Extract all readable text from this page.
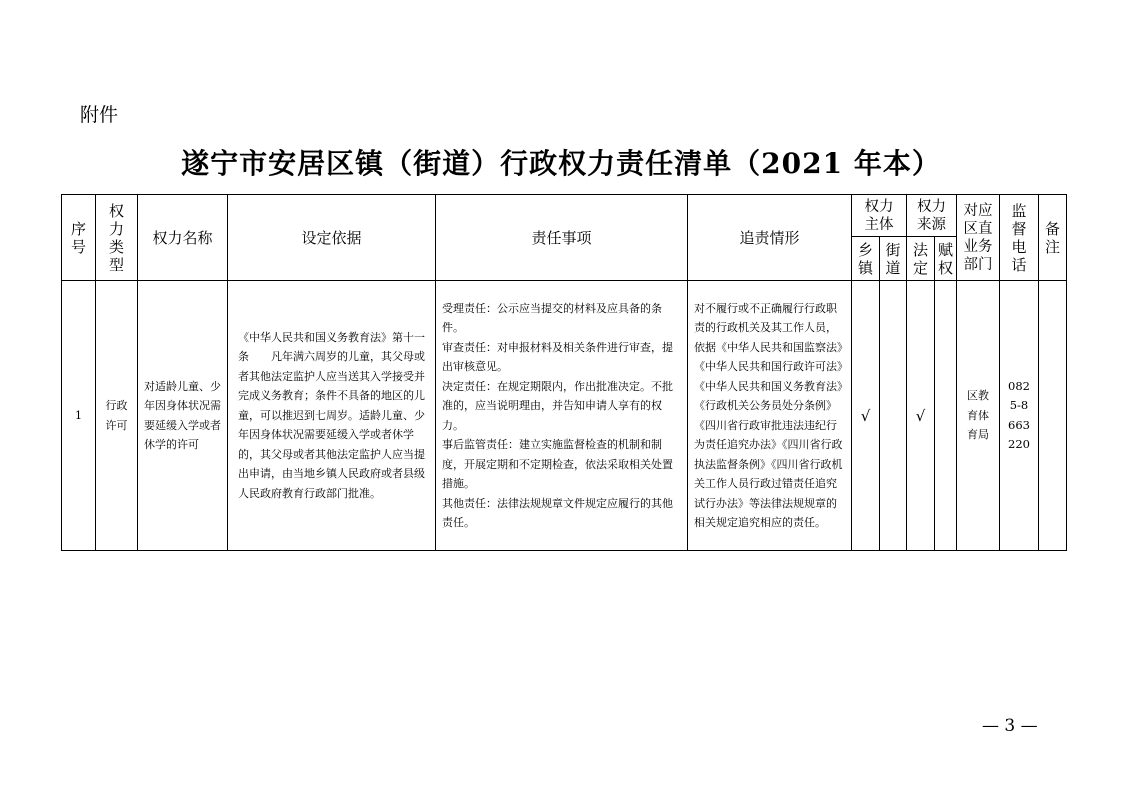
附件
遂宁市安居区镇（街道）行政权力责任清单（2021 年本）
序号	权力类型	权力名称	设定依据	责任事项	追责情形	权力主体		权力来源		对应区直业务部门	监督电话	备注

						乡镇	街道	法定	赋权			

1	行政许可	对适龄儿童、少年因身体状况需要延缓入学或者休学的许可	《中华人民共和国义务教育法》第十一条　　凡年满六周岁的儿童，其父母或者其他法定监护人应当送其入学接受并完成义务教育；条件不具备的地区的儿童，可以推迟到七周岁。适龄儿童、少年因身体状况需要延缓入学或者休学的，其父母或者其他法定监护人应当提出申请，由当地乡镇人民政府或者县级人民政府教育行政部门批准。	受理责任：公示应当提交的材料及应具备的条件。
审查责任：对申报材料及相关条件进行审查，提出审核意见。
决定责任：在规定期限内，作出批准决定。不批准的，应当说明理由，并告知申请人享有的权力。
事后监管责任：建立实施监督检查的机制和制度，开展定期和不定期检查，依法采取相关处置措施。
其他责任：法律法规规章文件规定应履行的其他责任。	对不履行或不正确履行行政职责的行政机关及其工作人员，依据《中华人民共和国监察法》《中华人民共和国行政许可法》《中华人民共和国义务教育法》《行政机关公务员处分条例》《四川省行政审批违法违纪行为责任追究办法》《四川省行政执法监督条例》《四川省行政机关工作人员行政过错责任追究试行办法》等法律法规规章的相关规定追究相应的责任。	√		√		区教育体育局	0825-8663220	

— 3 —
